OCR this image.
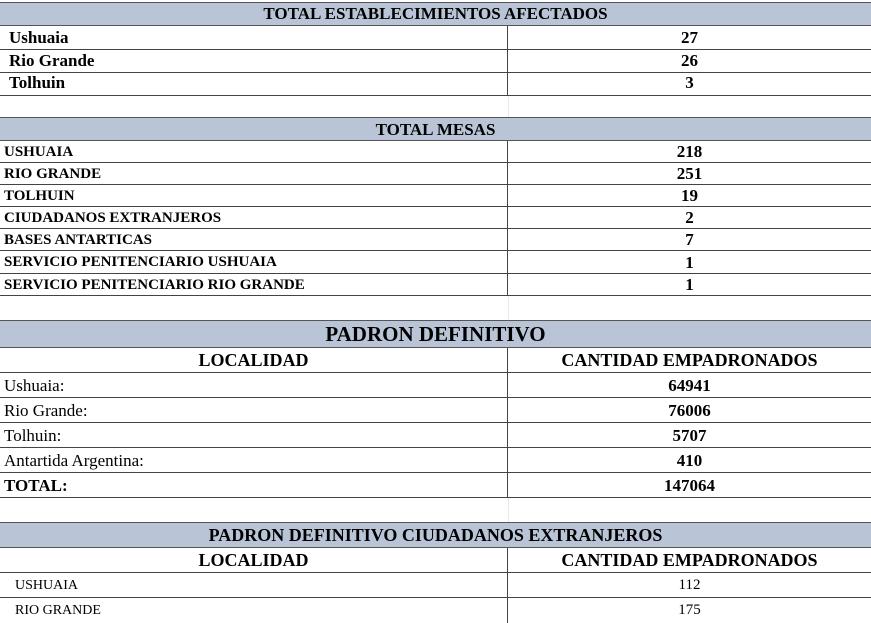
TOTAL ESTABLECIMIENTOS AFECTADOS
Ushuaia	27
Rio Grande	26
Tolhuin	3
TOTAL MESAS
USHUAIA	218
RIO GRANDE	251
TOLHUIN	19
CIUDADANOS EXTRANJEROS	2
BASES ANTARTICAS	7
SERVICIO PENITENCIARIO USHUAIA	1
SERVICIO PENITENCIARIO RIO GRANDE	1
PADRON DEFINITIVO
LOCALIDAD	CANTIDAD EMPADRONADOS
Ushuaia:	64941
Rio Grande:	76006
Tolhuin:	5707
Antartida Argentina:	410
TOTAL:	147064
PADRON DEFINITIVO CIUDADANOS EXTRANJEROS
LOCALIDAD	CANTIDAD EMPADRONADOS
USHUAIA	112
RIO GRANDE	175
